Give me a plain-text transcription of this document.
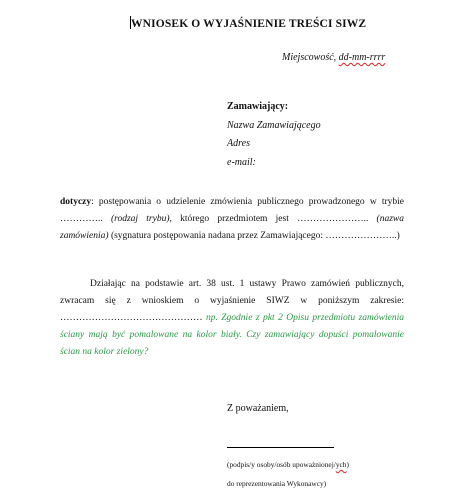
WNIOSEK O WYJAŚNIENIE TREŚCI SIWZ
Miejscowość, dd-mm-rrrr
Zamawiający:
Nazwa Zamawiającego
Adres
e-mail:
dotyczy: postępowania o udzielenie zmówienia publicznego prowadzonego w trybie ………….. (rodzaj trybu), którego przedmiotem jest ………………….. (nazwa zamówienia) (sygnatura postępowania nadana przez Zamawiającego: …………………..)
Działając na podstawie art. 38 ust. 1 ustawy Prawo zamówień publicznych, zwracam się z wnioskiem o wyjaśnienie SIWZ w poniższym zakresie: ……………………………………… np. Zgodnie z pkt 2 Opisu przedmiotu zamówienia ściany mają być pomalowane na kolor biały. Czy zamawiający dopuści pomalowanie ścian na kolor zielony?
Z poważaniem,
(podpis/y osoby/osób upoważnionej/ych)
do reprezentowania Wykonawcy)
